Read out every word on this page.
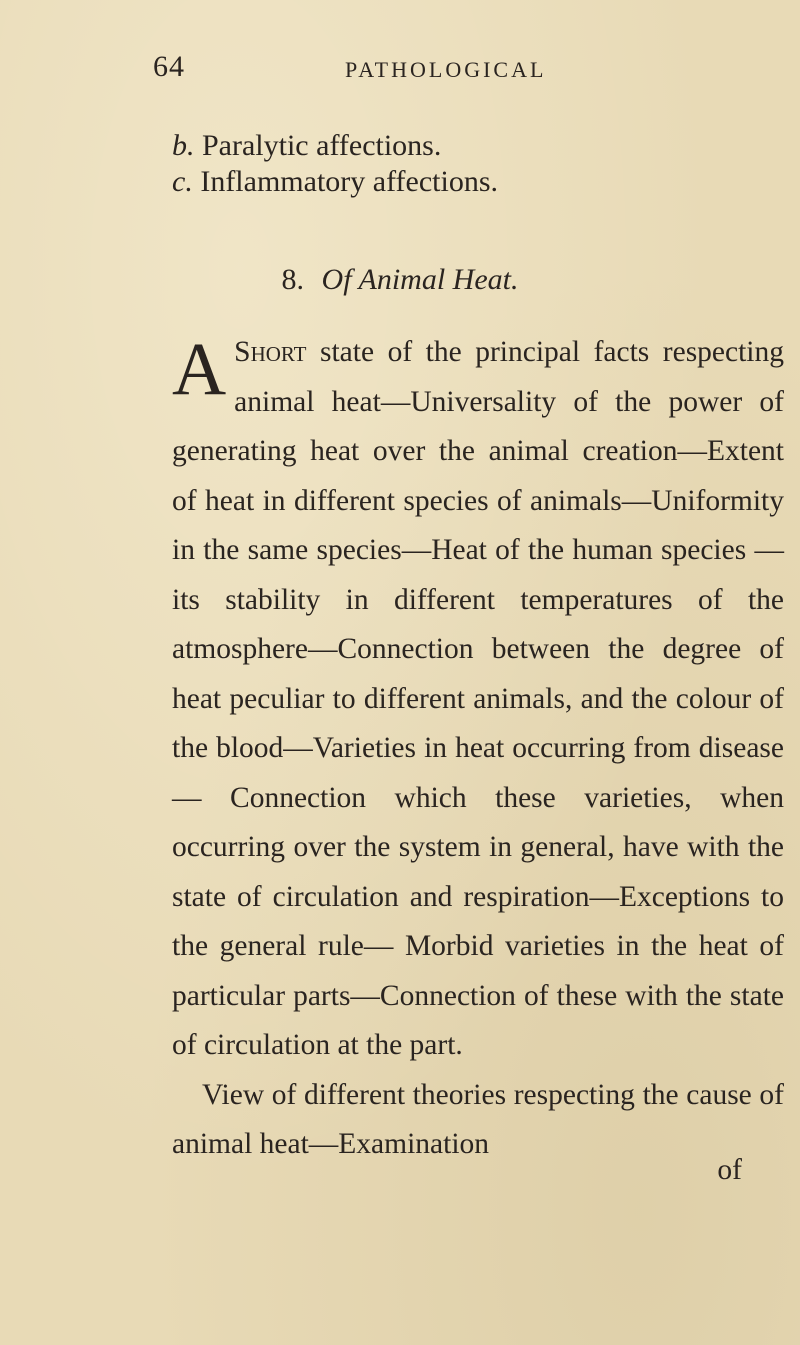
64	PATHOLOGICAL
b. Paralytic affections.
c. Inflammatory affections.
8. Of Animal Heat.

A Short state of the principal facts respecting animal heat—Universality of the power of generating heat over the animal creation—Extent of heat in different species of animals—Uniformity in the same species—Heat of the human species —its stability in different temperatures of the atmosphere—Connection between the degree of heat peculiar to different animals, and the colour of the blood—Varieties in heat occurring from disease— Connection which these varieties, when occurring over the system in general, have with the state of circulation and respiration—Exceptions to the general rule— Morbid varieties in the heat of particular parts—Connection of these with the state of circulation at the part.

View of different theories respecting the cause of animal heat—Examination

of
